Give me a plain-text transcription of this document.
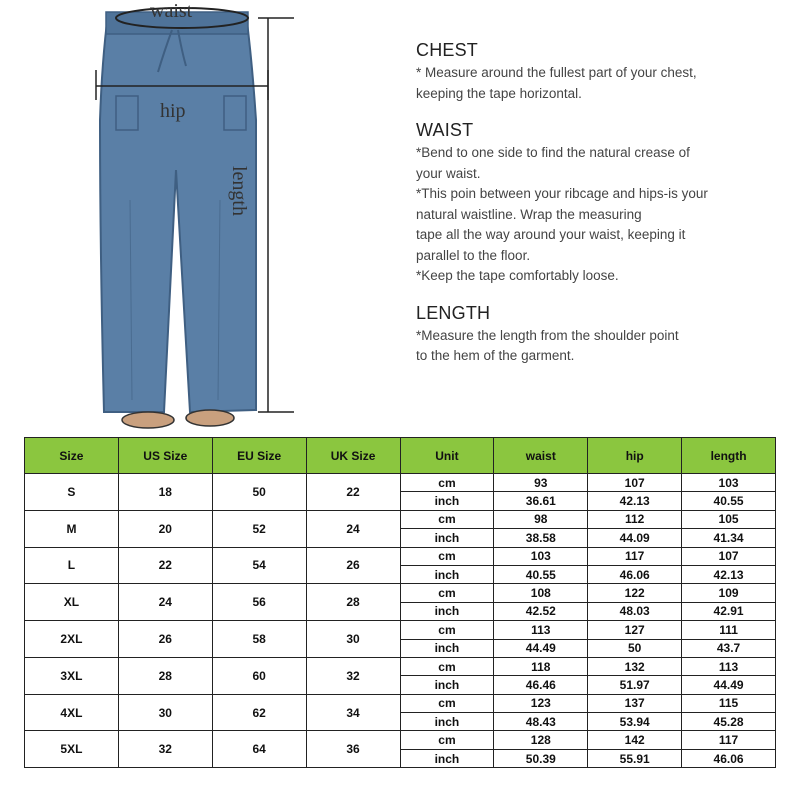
waist
hip
length
CHEST

* Measure around the fullest part of your chest,

keeping the tape horizontal.

WAIST

*Bend to one side to find the natural crease of

your waist.

*This poin between your ribcage and hips-is your

natural waistline. Wrap the measuring

tape all the way around your waist, keeping it

parallel to the floor.

*Keep the tape comfortably loose.

LENGTH

*Measure the length from the shoulder point

to the hem of the garment.

Size	US Size	EU Size	UK Size	Unit	waist	hip	length
S	18	50	22	cm	93	107	103
				inch	36.61	42.13	40.55
M	20	52	24	cm	98	112	105
				inch	38.58	44.09	41.34
L	22	54	26	cm	103	117	107
				inch	40.55	46.06	42.13
XL	24	56	28	cm	108	122	109
				inch	42.52	48.03	42.91
2XL	26	58	30	cm	113	127	111
				inch	44.49	50	43.7
3XL	28	60	32	cm	118	132	113
				inch	46.46	51.97	44.49
4XL	30	62	34	cm	123	137	115
				inch	48.43	53.94	45.28
5XL	32	64	36	cm	128	142	117
				inch	50.39	55.91	46.06
